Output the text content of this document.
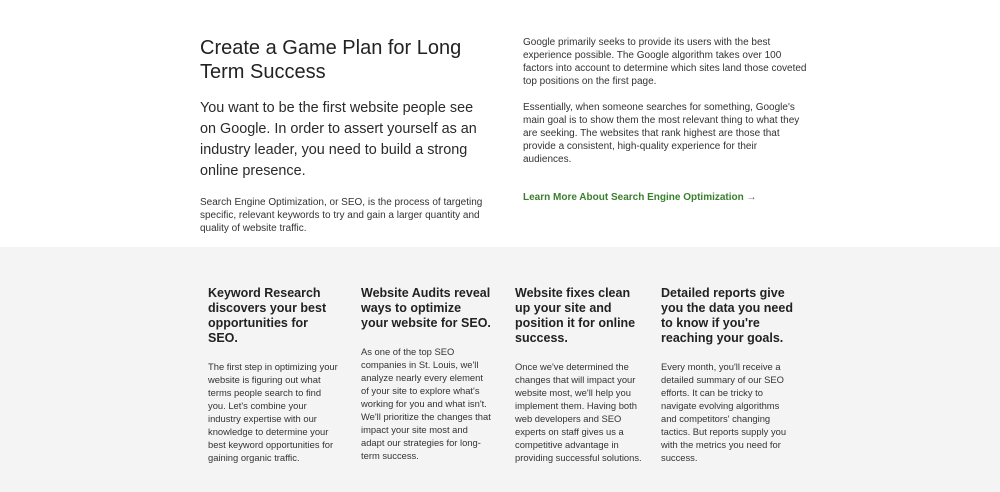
Create a Game Plan for Long Term Success

You want to be the first website people see on Google. In order to assert yourself as an industry leader, you need to build a strong online presence.

Search Engine Optimization, or SEO, is the process of targeting specific, relevant keywords to try and gain a larger quantity and quality of website traffic.

Google primarily seeks to provide its users with the best experience possible. The Google algorithm takes over 100 factors into account to determine which sites land those coveted top positions on the first page.

Essentially, when someone searches for something, Google's main goal is to show them the most relevant thing to what they are seeking. The websites that rank highest are those that provide a consistent, high-quality experience for their audiences.

Learn More About Search Engine Optimization →
Keyword Research discovers your best opportunities for SEO.

The first step in optimizing your website is figuring out what terms people search to find you. Let's combine your industry expertise with our knowledge to determine your best keyword opportunities for gaining organic traffic.

Website Audits reveal ways to optimize your website for SEO.

As one of the top SEO companies in St. Louis, we'll analyze nearly every element of your site to explore what's working for you and what isn't. We'll prioritize the changes that impact your site most and adapt our strategies for long-term success.

Website fixes clean up your site and position it for online success.

Once we've determined the changes that will impact your website most, we'll help you implement them. Having both web developers and SEO experts on staff gives us a competitive advantage in providing successful solutions.

Detailed reports give you the data you need to know if you're reaching your goals.

Every month, you'll receive a detailed summary of our SEO efforts. It can be tricky to navigate evolving algorithms and competitors' changing tactics. But reports supply you with the metrics you need for success.
